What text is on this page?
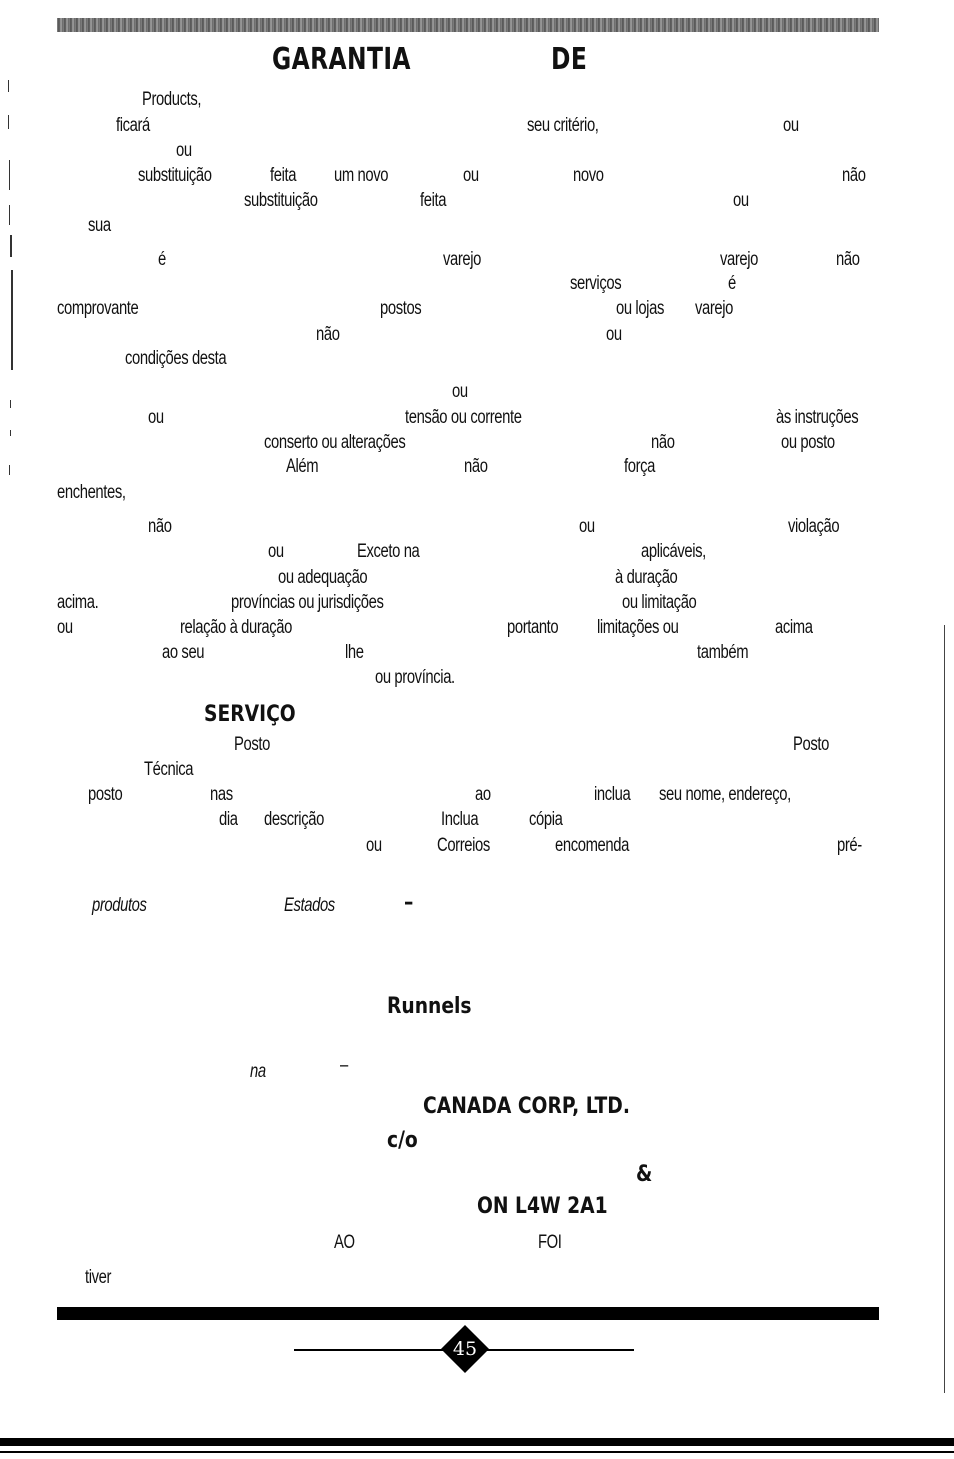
GARANTIA	DE
Products,
ficará	seu critério,	ou
ou
substituição	feita um novo	ou	novo	não
substituição	feita	ou
sua
é	varejo	varejo	não
serviços	é
comprovante	postos	ou lojas varejo
não	ou
condições desta
ou
ou	tensão ou corrente	às instruções
conserto ou alterações	não	ou posto
Além	não	força
enchentes,
não	ou	violação
ou	Exceto na	aplicáveis,
ou adequação	à duração
acima.	províncias ou jurisdições	ou limitação
ou	relação à duração	portanto limitações ou	acima
ao seu	lhe	também
ou província.
SERVIÇO
Posto	Posto
Técnica
posto	nas	ao	inclua seu nome, endereço,
dia descrição	Inclua	cópia
ou	Correios	encomenda	pré-
produtos	Estados	–
Runnels
na	–
CANADA CORP, LTD.
c/o
&
ON L4W 2A1
AO	FOI
tiver
45
